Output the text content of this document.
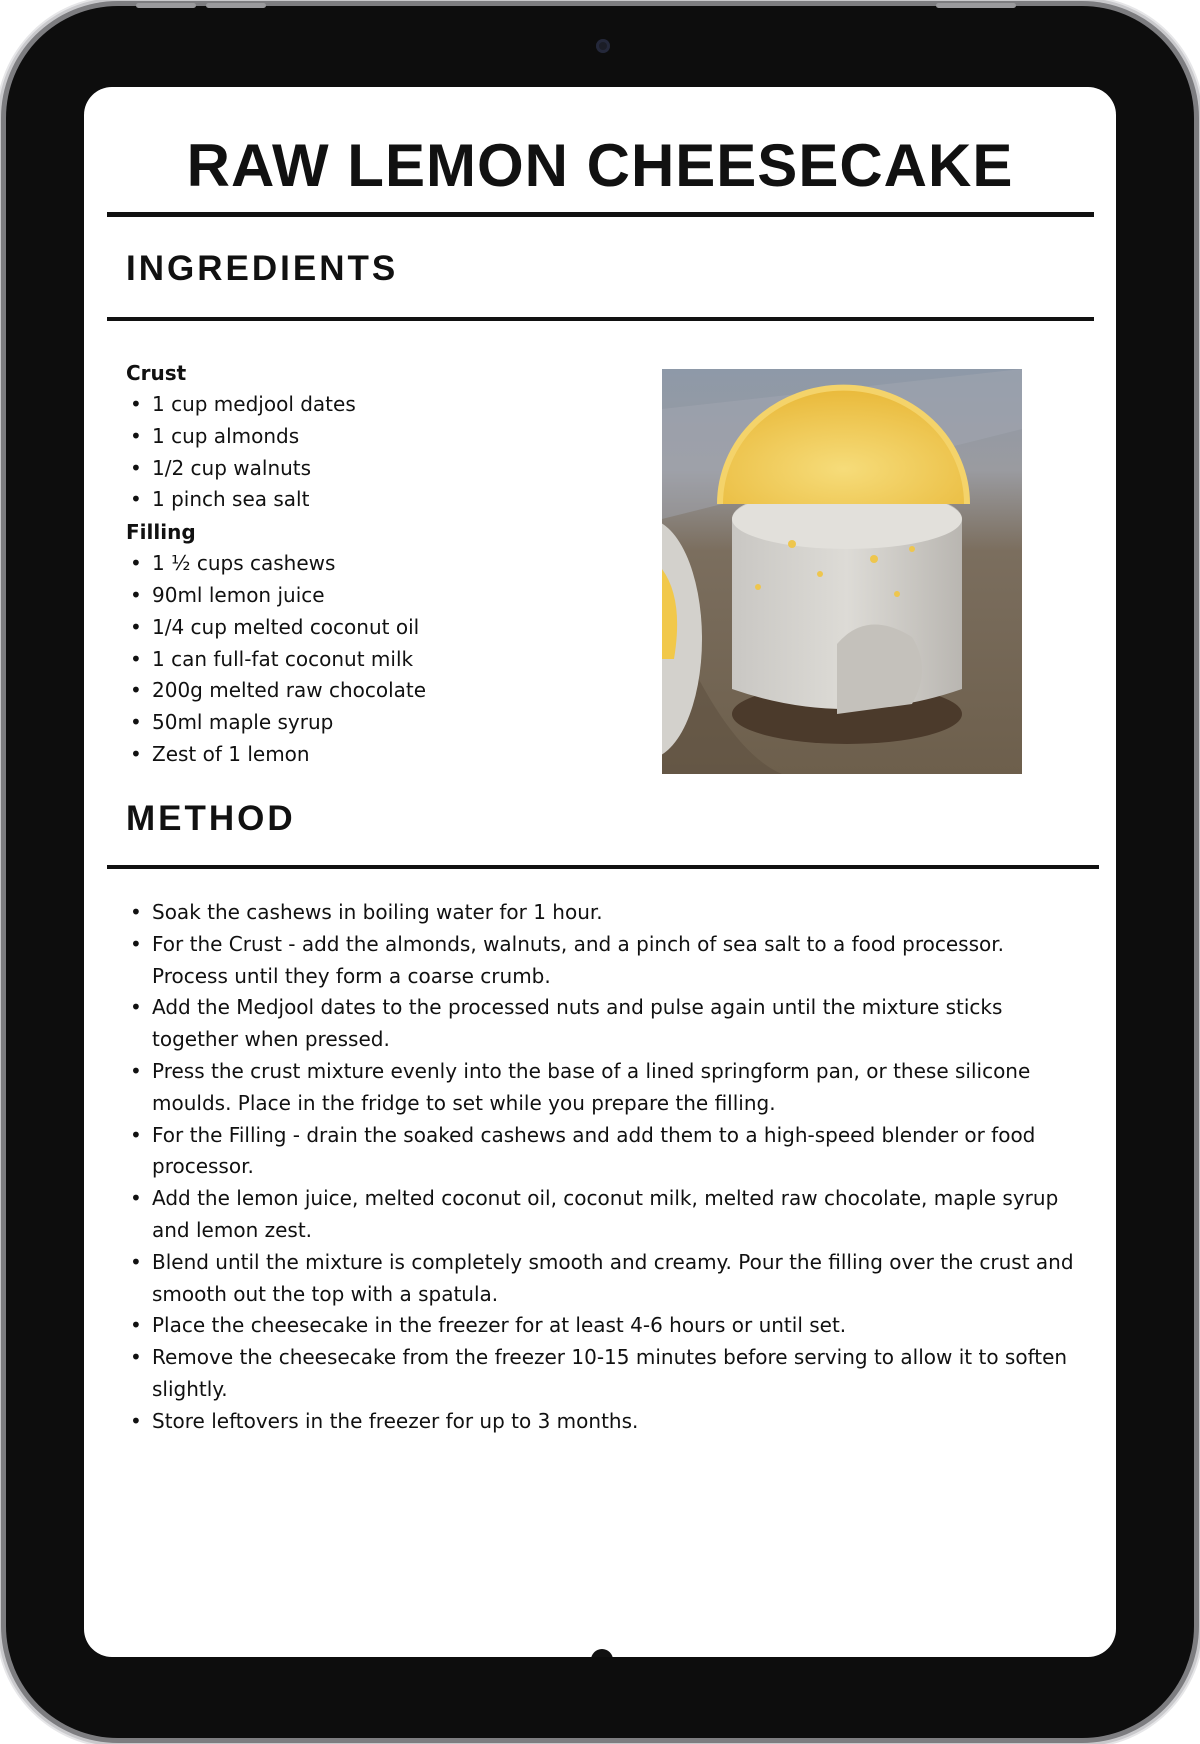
RAW LEMON CHEESECAKE
INGREDIENTS
Crust
• 1 cup medjool dates
• 1 cup almonds
• 1/2 cup walnuts
• 1 pinch sea salt
Filling
• 1 ½ cups cashews
• 90ml lemon juice
• 1/4 cup melted coconut oil
• 1 can full-fat coconut milk
• 200g melted raw chocolate
• 50ml maple syrup
• Zest of 1 lemon
METHOD
• Soak the cashews in boiling water for 1 hour.
• For the Crust - add the almonds, walnuts, and a pinch of sea salt to a food processor. Process until they form a coarse crumb.
• Add the Medjool dates to the processed nuts and pulse again until the mixture sticks together when pressed.
• Press the crust mixture evenly into the base of a lined springform pan, or these silicone moulds. Place in the fridge to set while you prepare the filling.
• For the Filling - drain the soaked cashews and add them to a high-speed blender or food processor.
• Add the lemon juice, melted coconut oil, coconut milk, melted raw chocolate, maple syrup and lemon zest.
• Blend until the mixture is completely smooth and creamy. Pour the filling over the crust and smooth out the top with a spatula.
• Place the cheesecake in the freezer for at least 4-6 hours or until set.
• Remove the cheesecake from the freezer 10-15 minutes before serving to allow it to soften slightly.
• Store leftovers in the freezer for up to 3 months.
